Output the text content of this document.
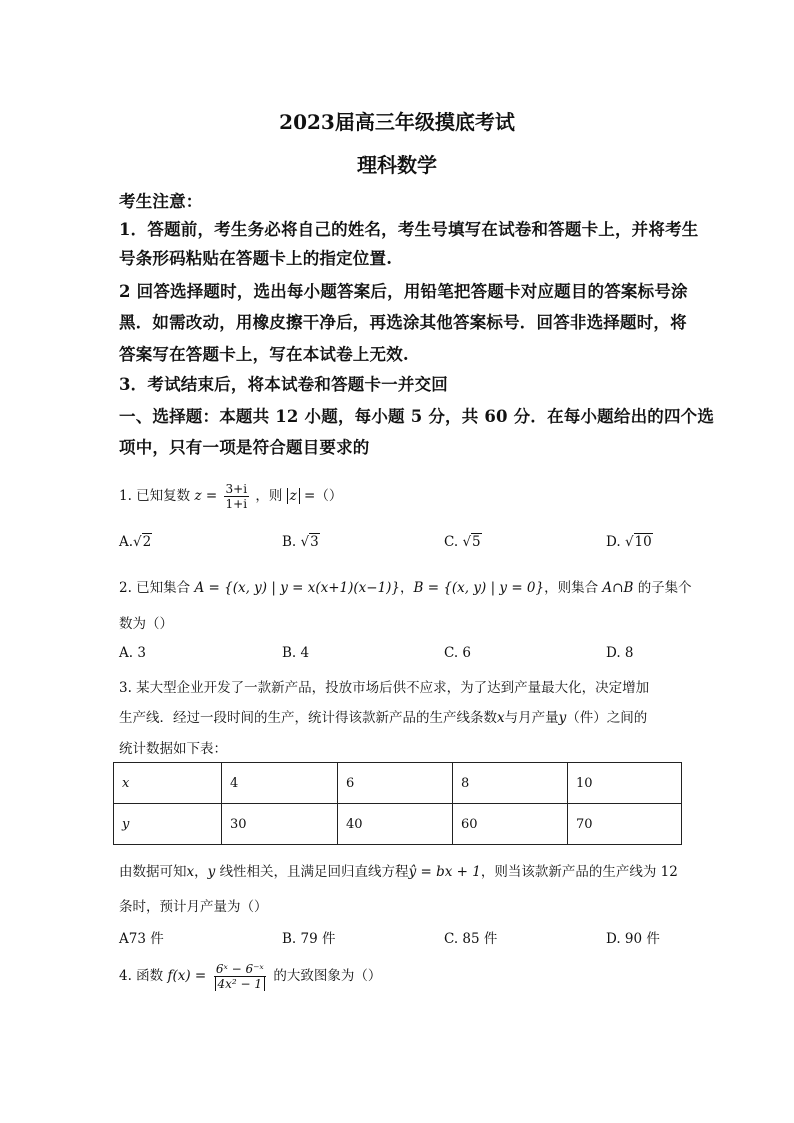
2023届高三年级摸底考试
理科数学
考生注意：
1．答题前，考生务必将自己的姓名，考生号填写在试卷和答题卡上，并将考生
号条形码粘贴在答题卡上的指定位置.
2 回答选择题时，选出每小题答案后，用铅笔把答题卡对应题目的答案标号涂
黑．如需改动，用橡皮擦干净后，再选涂其他答案标号．回答非选择题时，将
答案写在答题卡上，写在本试卷上无效.
3．考试结束后，将本试卷和答题卡一并交回
一、选择题：本题共 12 小题，每小题 5 分，共 60 分．在每小题给出的四个选
项中，只有一项是符合题目要求的
1. 已知复数 $z = \frac{3+i}{1+i}$ ，则 z =（）
A.√2	B. √3	C. √5	D. √10
2. 已知集合 A = {(x, y) | y = x(x+1)(x−1)}，B = {(x, y) | y = 0}，则集合 A∩B 的子集个
数为（）
A. 3	B. 4	C. 6	D. 8
3. 某大型企业开发了一款新产品，投放市场后供不应求，为了达到产量最大化，决定增加
生产线．经过一段时间的生产，统计得该款新产品的生产线条数x与月产量y（件）之间的
统计数据如下表：
x	4	6	8	10
y	30	40	60	70
由数据可知x，y 线性相关，且满足回归直线方程ŷ = bx + 1，则当该款新产品的生产线为 12
条时，预计月产量为（）
A73 件	B. 79 件	C. 85 件	D. 90 件
4. 函数 $f(x) = \frac{\text{6ˣ − 6⁻ˣ}}{\text{4x² − 1}}$ 的大致图象为（）
